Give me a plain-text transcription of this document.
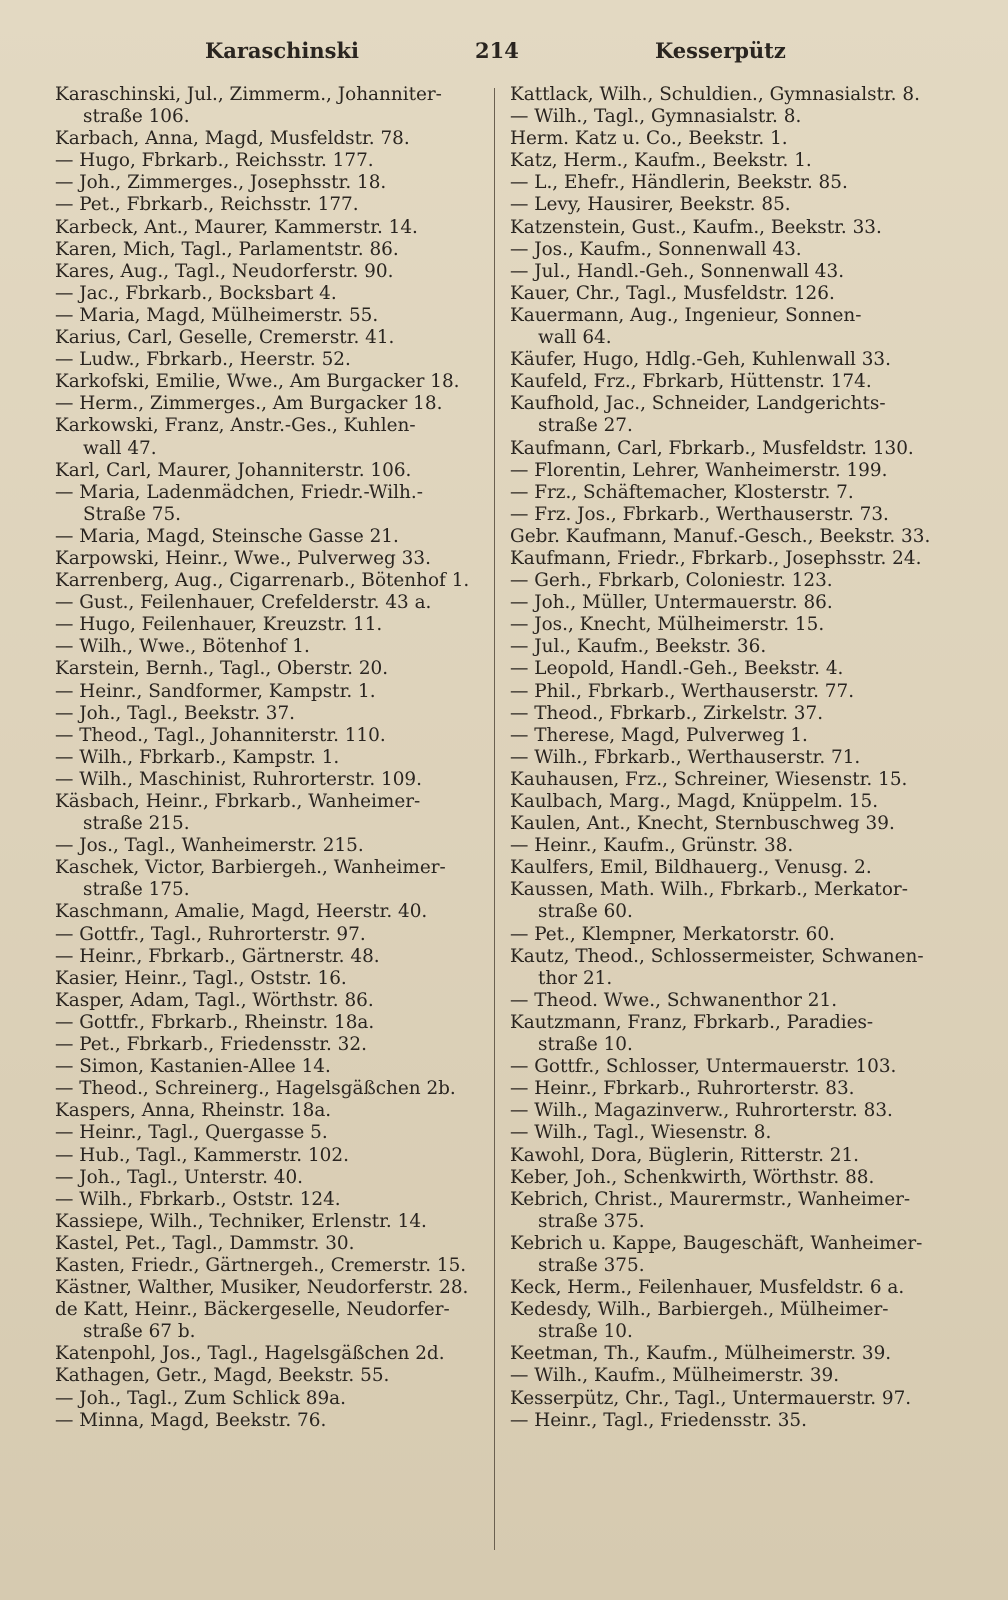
Karaschinski	214	Kesserpütz
Karaschinski, Jul., Zimmerm., Johanniter-
straße 106.
Karbach, Anna, Magd, Musfeldstr. 78.
— Hugo, Fbrkarb., Reichsstr. 177.
— Joh., Zimmerges., Josephsstr. 18.
— Pet., Fbrkarb., Reichsstr. 177.
Karbeck, Ant., Maurer, Kammerstr. 14.
Karen, Mich, Tagl., Parlamentstr. 86.
Kares, Aug., Tagl., Neudorferstr. 90.
— Jac., Fbrkarb., Bocksbart 4.
— Maria, Magd, Mülheimerstr. 55.
Karius, Carl, Geselle, Cremerstr. 41.
— Ludw., Fbrkarb., Heerstr. 52.
Karkofski, Emilie, Wwe., Am Burgacker 18.
— Herm., Zimmerges., Am Burgacker 18.
Karkowski, Franz, Anstr.-Ges., Kuhlen-
wall 47.
Karl, Carl, Maurer, Johanniterstr. 106.
— Maria, Ladenmädchen, Friedr.-Wilh.-
Straße 75.
— Maria, Magd, Steinsche Gasse 21.
Karpowski, Heinr., Wwe., Pulverweg 33.
Karrenberg, Aug., Cigarrenarb., Bötenhof 1.
— Gust., Feilenhauer, Crefelderstr. 43 a.
— Hugo, Feilenhauer, Kreuzstr. 11.
— Wilh., Wwe., Bötenhof 1.
Karstein, Bernh., Tagl., Oberstr. 20.
— Heinr., Sandformer, Kampstr. 1.
— Joh., Tagl., Beekstr. 37.
— Theod., Tagl., Johanniterstr. 110.
— Wilh., Fbrkarb., Kampstr. 1.
— Wilh., Maschinist, Ruhrorterstr. 109.
Käsbach, Heinr., Fbrkarb., Wanheimer-
straße 215.
— Jos., Tagl., Wanheimerstr. 215.
Kaschek, Victor, Barbiergeh., Wanheimer-
straße 175.
Kaschmann, Amalie, Magd, Heerstr. 40.
— Gottfr., Tagl., Ruhrorterstr. 97.
— Heinr., Fbrkarb., Gärtnerstr. 48.
Kasier, Heinr., Tagl., Oststr. 16.
Kasper, Adam, Tagl., Wörthstr. 86.
— Gottfr., Fbrkarb., Rheinstr. 18a.
— Pet., Fbrkarb., Friedensstr. 32.
— Simon, Kastanien-Allee 14.
— Theod., Schreinerg., Hagelsgäßchen 2b.
Kaspers, Anna, Rheinstr. 18a.
— Heinr., Tagl., Quergasse 5.
— Hub., Tagl., Kammerstr. 102.
— Joh., Tagl., Unterstr. 40.
— Wilh., Fbrkarb., Oststr. 124.
Kassiepe, Wilh., Techniker, Erlenstr. 14.
Kastel, Pet., Tagl., Dammstr. 30.
Kasten, Friedr., Gärtnergeh., Cremerstr. 15.
Kästner, Walther, Musiker, Neudorferstr. 28.
de Katt, Heinr., Bäckergeselle, Neudorfer-
straße 67 b.
Katenpohl, Jos., Tagl., Hagelsgäßchen 2d.
Kathagen, Getr., Magd, Beekstr. 55.
— Joh., Tagl., Zum Schlick 89a.
— Minna, Magd, Beekstr. 76.
Kattlack, Wilh., Schuldien., Gymnasialstr. 8.
— Wilh., Tagl., Gymnasialstr. 8.
Herm. Katz u. Co., Beekstr. 1.
Katz, Herm., Kaufm., Beekstr. 1.
— L., Ehefr., Händlerin, Beekstr. 85.
— Levy, Hausirer, Beekstr. 85.
Katzenstein, Gust., Kaufm., Beekstr. 33.
— Jos., Kaufm., Sonnenwall 43.
— Jul., Handl.-Geh., Sonnenwall 43.
Kauer, Chr., Tagl., Musfeldstr. 126.
Kauermann, Aug., Ingenieur, Sonnen-
wall 64.
Käufer, Hugo, Hdlg.-Geh, Kuhlenwall 33.
Kaufeld, Frz., Fbrkarb, Hüttenstr. 174.
Kaufhold, Jac., Schneider, Landgerichts-
straße 27.
Kaufmann, Carl, Fbrkarb., Musfeldstr. 130.
— Florentin, Lehrer, Wanheimerstr. 199.
— Frz., Schäftemacher, Klosterstr. 7.
— Frz. Jos., Fbrkarb., Werthauserstr. 73.
Gebr. Kaufmann, Manuf.-Gesch., Beekstr. 33.
Kaufmann, Friedr., Fbrkarb., Josephsstr. 24.
— Gerh., Fbrkarb, Coloniestr. 123.
— Joh., Müller, Untermauerstr. 86.
— Jos., Knecht, Mülheimerstr. 15.
— Jul., Kaufm., Beekstr. 36.
— Leopold, Handl.-Geh., Beekstr. 4.
— Phil., Fbrkarb., Werthauserstr. 77.
— Theod., Fbrkarb., Zirkelstr. 37.
— Therese, Magd, Pulverweg 1.
— Wilh., Fbrkarb., Werthauserstr. 71.
Kauhausen, Frz., Schreiner, Wiesenstr. 15.
Kaulbach, Marg., Magd, Knüppelm. 15.
Kaulen, Ant., Knecht, Sternbuschweg 39.
— Heinr., Kaufm., Grünstr. 38.
Kaulfers, Emil, Bildhauerg., Venusg. 2.
Kaussen, Math. Wilh., Fbrkarb., Merkator-
straße 60.
— Pet., Klempner, Merkatorstr. 60.
Kautz, Theod., Schlossermeister, Schwanen-
thor 21.
— Theod. Wwe., Schwanenthor 21.
Kautzmann, Franz, Fbrkarb., Paradies-
straße 10.
— Gottfr., Schlosser, Untermauerstr. 103.
— Heinr., Fbrkarb., Ruhrorterstr. 83.
— Wilh., Magazinverw., Ruhrorterstr. 83.
— Wilh., Tagl., Wiesenstr. 8.
Kawohl, Dora, Büglerin, Ritterstr. 21.
Keber, Joh., Schenkwirth, Wörthstr. 88.
Kebrich, Christ., Maurermstr., Wanheimer-
straße 375.
Kebrich u. Kappe, Baugeschäft, Wanheimer-
straße 375.
Keck, Herm., Feilenhauer, Musfeldstr. 6 a.
Kedesdy, Wilh., Barbiergeh., Mülheimer-
straße 10.
Keetman, Th., Kaufm., Mülheimerstr. 39.
— Wilh., Kaufm., Mülheimerstr. 39.
Kesserpütz, Chr., Tagl., Untermauerstr. 97.
— Heinr., Tagl., Friedensstr. 35.
